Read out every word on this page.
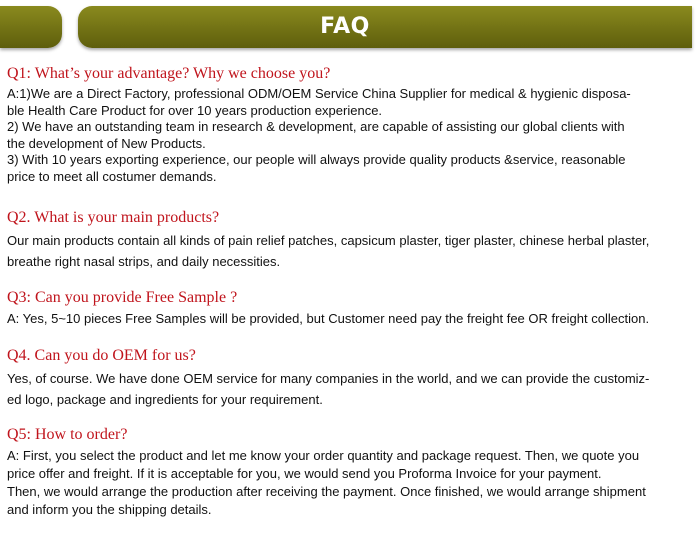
FAQ
Q1: What’s your advantage? Why we choose you?
A:1)We are a Direct Factory, professional ODM/OEM Service China Supplier for medical & hygienic disposa-
ble Health Care Product for over 10 years production experience.
2) We have an outstanding team in research & development, are capable of assisting our global clients with
the development of New Products.
3) With 10 years exporting experience, our people will always provide quality products &service, reasonable
price to meet all costumer demands.
Q2. What is your main products?
Our main products contain all kinds of pain relief patches, capsicum plaster, tiger plaster, chinese herbal plaster,
breathe right nasal strips, and daily necessities.
Q3: Can you provide Free Sample ?
A: Yes, 5~10 pieces Free Samples will be provided, but Customer need pay the freight fee OR freight collection.
Q4. Can you do OEM for us?
Yes, of course. We have done OEM service for many companies in the world, and we can provide the customiz-
ed logo, package and ingredients for your requirement.
Q5: How to order?
A: First, you select the product and let me know your order quantity and package request. Then, we quote you
price offer and freight. If it is acceptable for you, we would send you Proforma Invoice for your payment.
Then, we would arrange the production after receiving the payment. Once finished, we would arrange shipment
and inform you the shipping details.
